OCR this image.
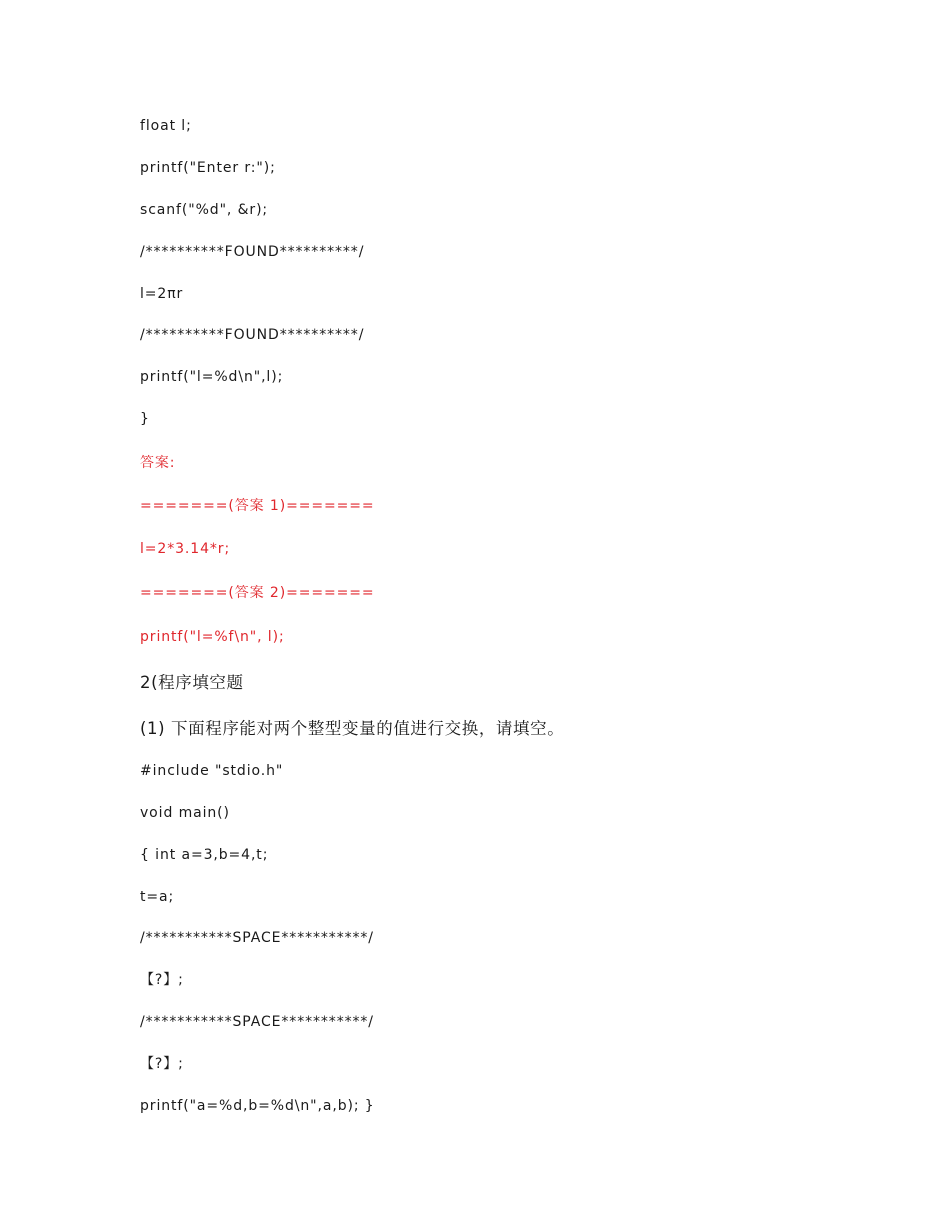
float l;
printf("Enter r:");
scanf("%d", &r);
/**********FOUND**********/
l=2πr
/**********FOUND**********/
printf("l=%d\n",l);
}
答案:
=======(答案 1)=======
l=2*3.14*r;
=======(答案 2)=======
printf("l=%f\n", l);
2(程序填空题
(1) 下面程序能对两个整型变量的值进行交换，请填空。
#include "stdio.h"
void main()
{ int a=3,b=4,t;
t=a;
/***********SPACE***********/
【?】;
/***********SPACE***********/
【?】;
printf("a=%d,b=%d\n",a,b); }
